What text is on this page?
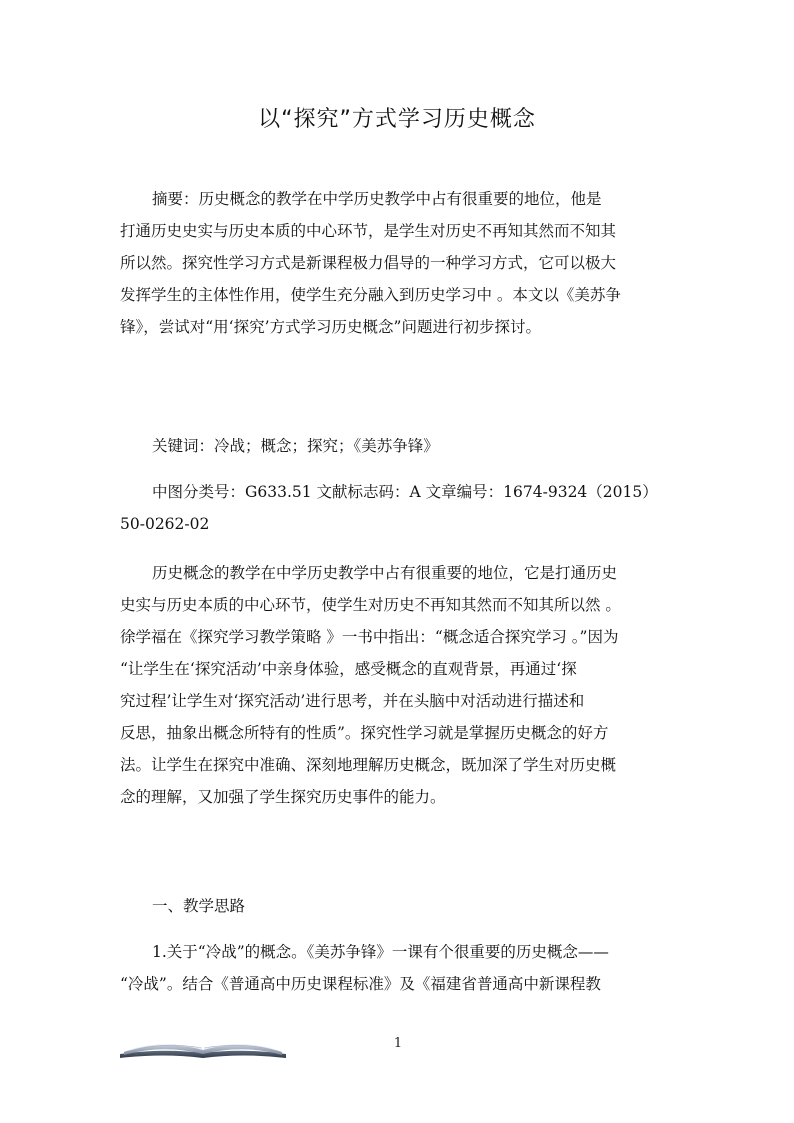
以“探究”方式学习历史概念
摘要：历史概念的教学在中学历史教学中占有很重要的地位，他是
打通历史史实与历史本质的中心环节，是学生对历史不再知其然而不知其
所以然。探究性学习方式是新课程极力倡导的一种学习方式，它可以极大
发挥学生的主体性作用，使学生充分融入到历史学习中 。本文以《美苏争
锋》，尝试对“用‘探究’方式学习历史概念”问题进行初步探讨。
关键词：冷战；概念；探究；《美苏争锋》
中图分类号：G633.51 文献标志码：A 文章编号：1674-9324（2015）
50-0262-02
历史概念的教学在中学历史教学中占有很重要的地位，它是打通历史
史实与历史本质的中心环节，使学生对历史不再知其然而不知其所以然 。
徐学福在《探究学习教学策略 》一书中指出：“概念适合探究学习 。”因为
“让学生在‘探究活动’中亲身体验，感受概念的直观背景，再通过‘探
究过程’让学生对‘探究活动’进行思考，并在头脑中对活动进行描述和
反思，抽象出概念所特有的性质”。探究性学习就是掌握历史概念的好方
法。让学生在探究中准确、深刻地理解历史概念，既加深了学生对历史概
念的理解，又加强了学生探究历史事件的能力。
一、教学思路
1.关于“冷战”的概念。《美苏争锋》一课有个很重要的历史概念——
“冷战”。结合《普通高中历史课程标准》及《福建省普通高中新课程教
1
